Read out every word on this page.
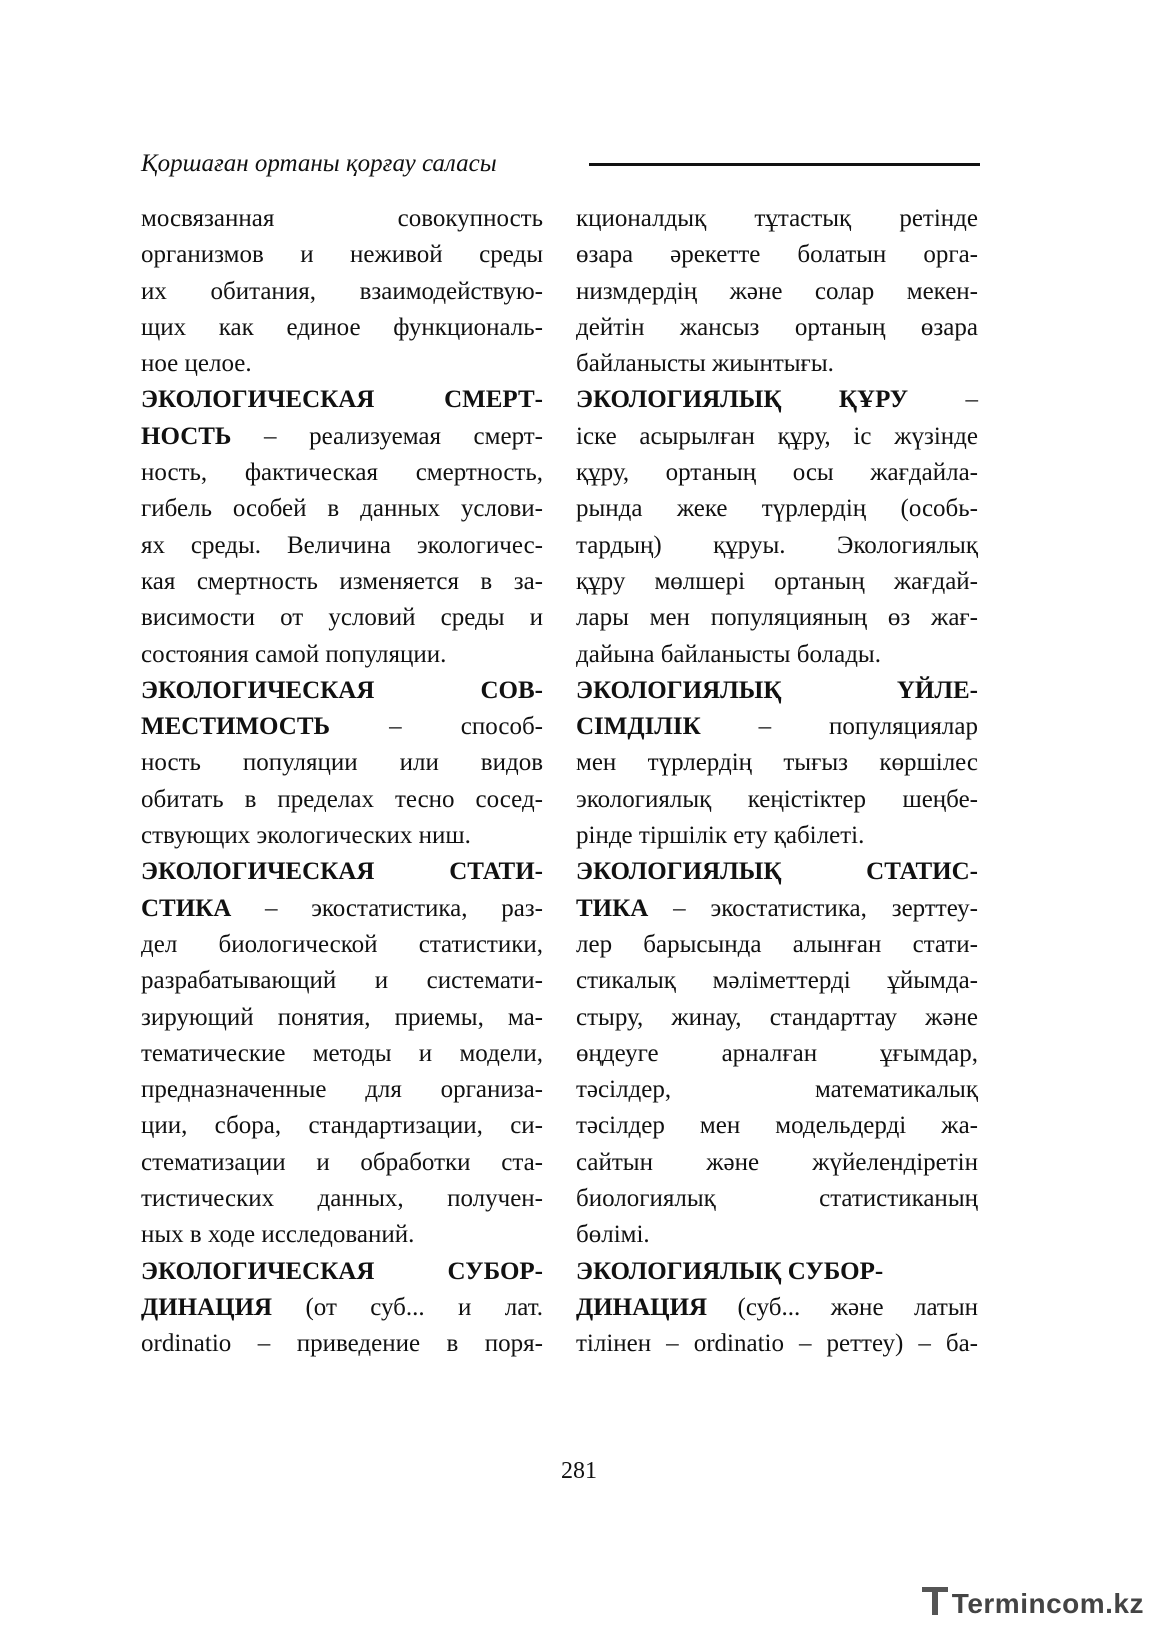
Қоршаған ортаны қорғау саласы
мосвязанная совокупность
организмов и неживой среды
их обитания, взаимодействую-
щих как единое функциональ-
ное целое.
ЭКОЛОГИЧЕСКАЯ СМЕРТ-
НОСТЬ – реализуемая смерт-
ность, фактическая смертность,
гибель особей в данных услови-
ях среды. Величина экологичес-
кая смертность изменяется в за-
висимости от условий среды и
состояния самой популяции.
ЭКОЛОГИЧЕСКАЯ СОВ-
МЕСТИМОСТЬ – способ-
ность популяции или видов
обитать в пределах тесно сосед-
ствующих экологических ниш.
ЭКОЛОГИЧЕСКАЯ СТАТИ-
СТИКА – экостатистика, раз-
дел биологической статистики,
разрабатывающий и системати-
зирующий понятия, приемы, ма-
тематические методы и модели,
предназначенные для организа-
ции, сбора, стандартизации, си-
стематизации и обработки ста-
тистических данных, получен-
ных в ходе исследований.
ЭКОЛОГИЧЕСКАЯ СУБОР-
ДИНАЦИЯ (от суб... и лат.
ordinatio – приведение в поря-
кционалдық тұтастық ретінде
өзара әрекетте болатын орга-
низмдердің және солар мекен-
дейтін жансыз ортаның өзара
байланысты жиынтығы.
ЭКОЛОГИЯЛЫҚ ҚҰРУ –
іске асырылған құру, іс жүзінде
құру, ортаның осы жағдайла-
рында жеке түрлердің (особь-
тардың) құруы. Экологиялық
құру мөлшері ортаның жағдай-
лары мен популяцияның өз жағ-
дайына байланысты болады.
ЭКОЛОГИЯЛЫҚ ҮЙЛЕ-
СІМДІЛІК – популяциялар
мен түрлердің тығыз көршілес
экологиялық кеңістіктер шеңбе-
рінде тіршілік ету қабілеті.
ЭКОЛОГИЯЛЫҚ СТАТИС-
ТИКА – экостатистика, зерттеу-
лер барысында алынған стати-
стикалық мәліметтерді ұйымда-
стыру, жинау, стандарттау және
өңдеуге арналған ұғымдар,
тәсілдер, математикалық
тәсілдер мен модельдерді жа-
сайтын және жүйелендіретін
биологиялық статистиканың
бөлімі.
ЭКОЛОГИЯЛЫҚ СУБОР-
ДИНАЦИЯ (суб... және латын
тілінен – ordinatio – реттеу) – ба-
281
Termincom.kz
